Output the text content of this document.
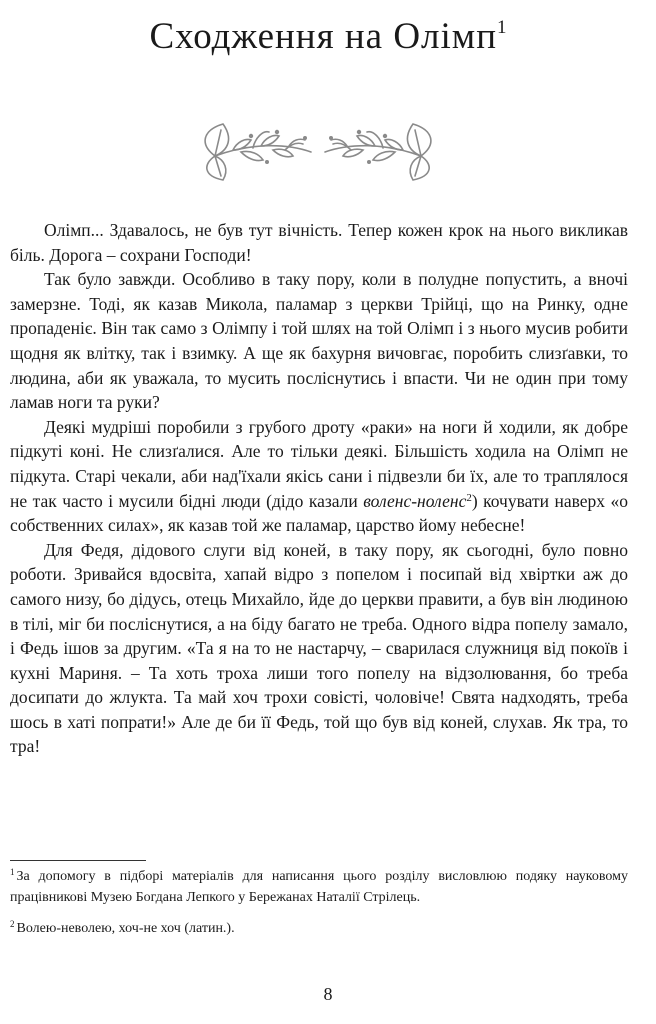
Сходження на Олімп$^1$

Олімп... Здавалось, не був тут вічність. Тепер кожен крок на нього викликав біль. Дорога – сохрани Господи!

Так було завжди. Особливо в таку пору, коли в полудне попустить, а вночі замерзне. Тоді, як казав Микола, паламар з церкви Трійці, що на Ринку, одне пропаденіє. Він так само з Олімпу і той шлях на той Олімп і з нього мусив робити щодня як влітку, так і взимку. А ще як бахурня вичовгає, поробить слизґавки, то людина, аби як уважала, то мусить посліснутись і впасти. Чи не один при тому ламав ноги та руки?

Деякі мудріші поробили з грубого дроту «раки» на ноги й ходили, як добре підкуті коні. Не слизґалися. Але то тільки деякі. Більшість ходила на Олімп не підкута. Старі чекали, аби над'їхали якісь сани і підвезли би їх, але то траплялося не так часто і мусили бідні люди (дідо казали воленс-ноленс$^2$) кочувати наверх «о собственних силах», як казав той же паламар, царство йому небесне!

Для Федя, дідового слуги від коней, в таку пору, як сьогодні, було повно роботи. Зривайся вдосвіта, хапай відро з попелом і посипай від хвіртки аж до самого низу, бо дідусь, отець Михайло, йде до церкви правити, а був він людиною в тілі, міг би посліснутися, а на біду багато не треба. Одного відра попелу замало, і Федь ішов за другим. «Та я на то не настарчу, – сварилася служниця від покоїв і кухні Мариня. – Та хоть троха лиши того попелу на відзолювання, бо треба досипати до жлукта. Та май хоч трохи совісті, чоловіче! Свята надходять, треба шось в хаті попрати!» Але де би її Федь, той що був від коней, слухав. Як тра, то тра!

$^1$ За допомогу в підборі матеріалів для написання цього розділу висловлюю подяку науковому працівникові Музею Богдана Лепкого у Бережанах Наталії Стрілець.

$^2$ Волею-неволею, хоч-не хоч (латин.).

8
